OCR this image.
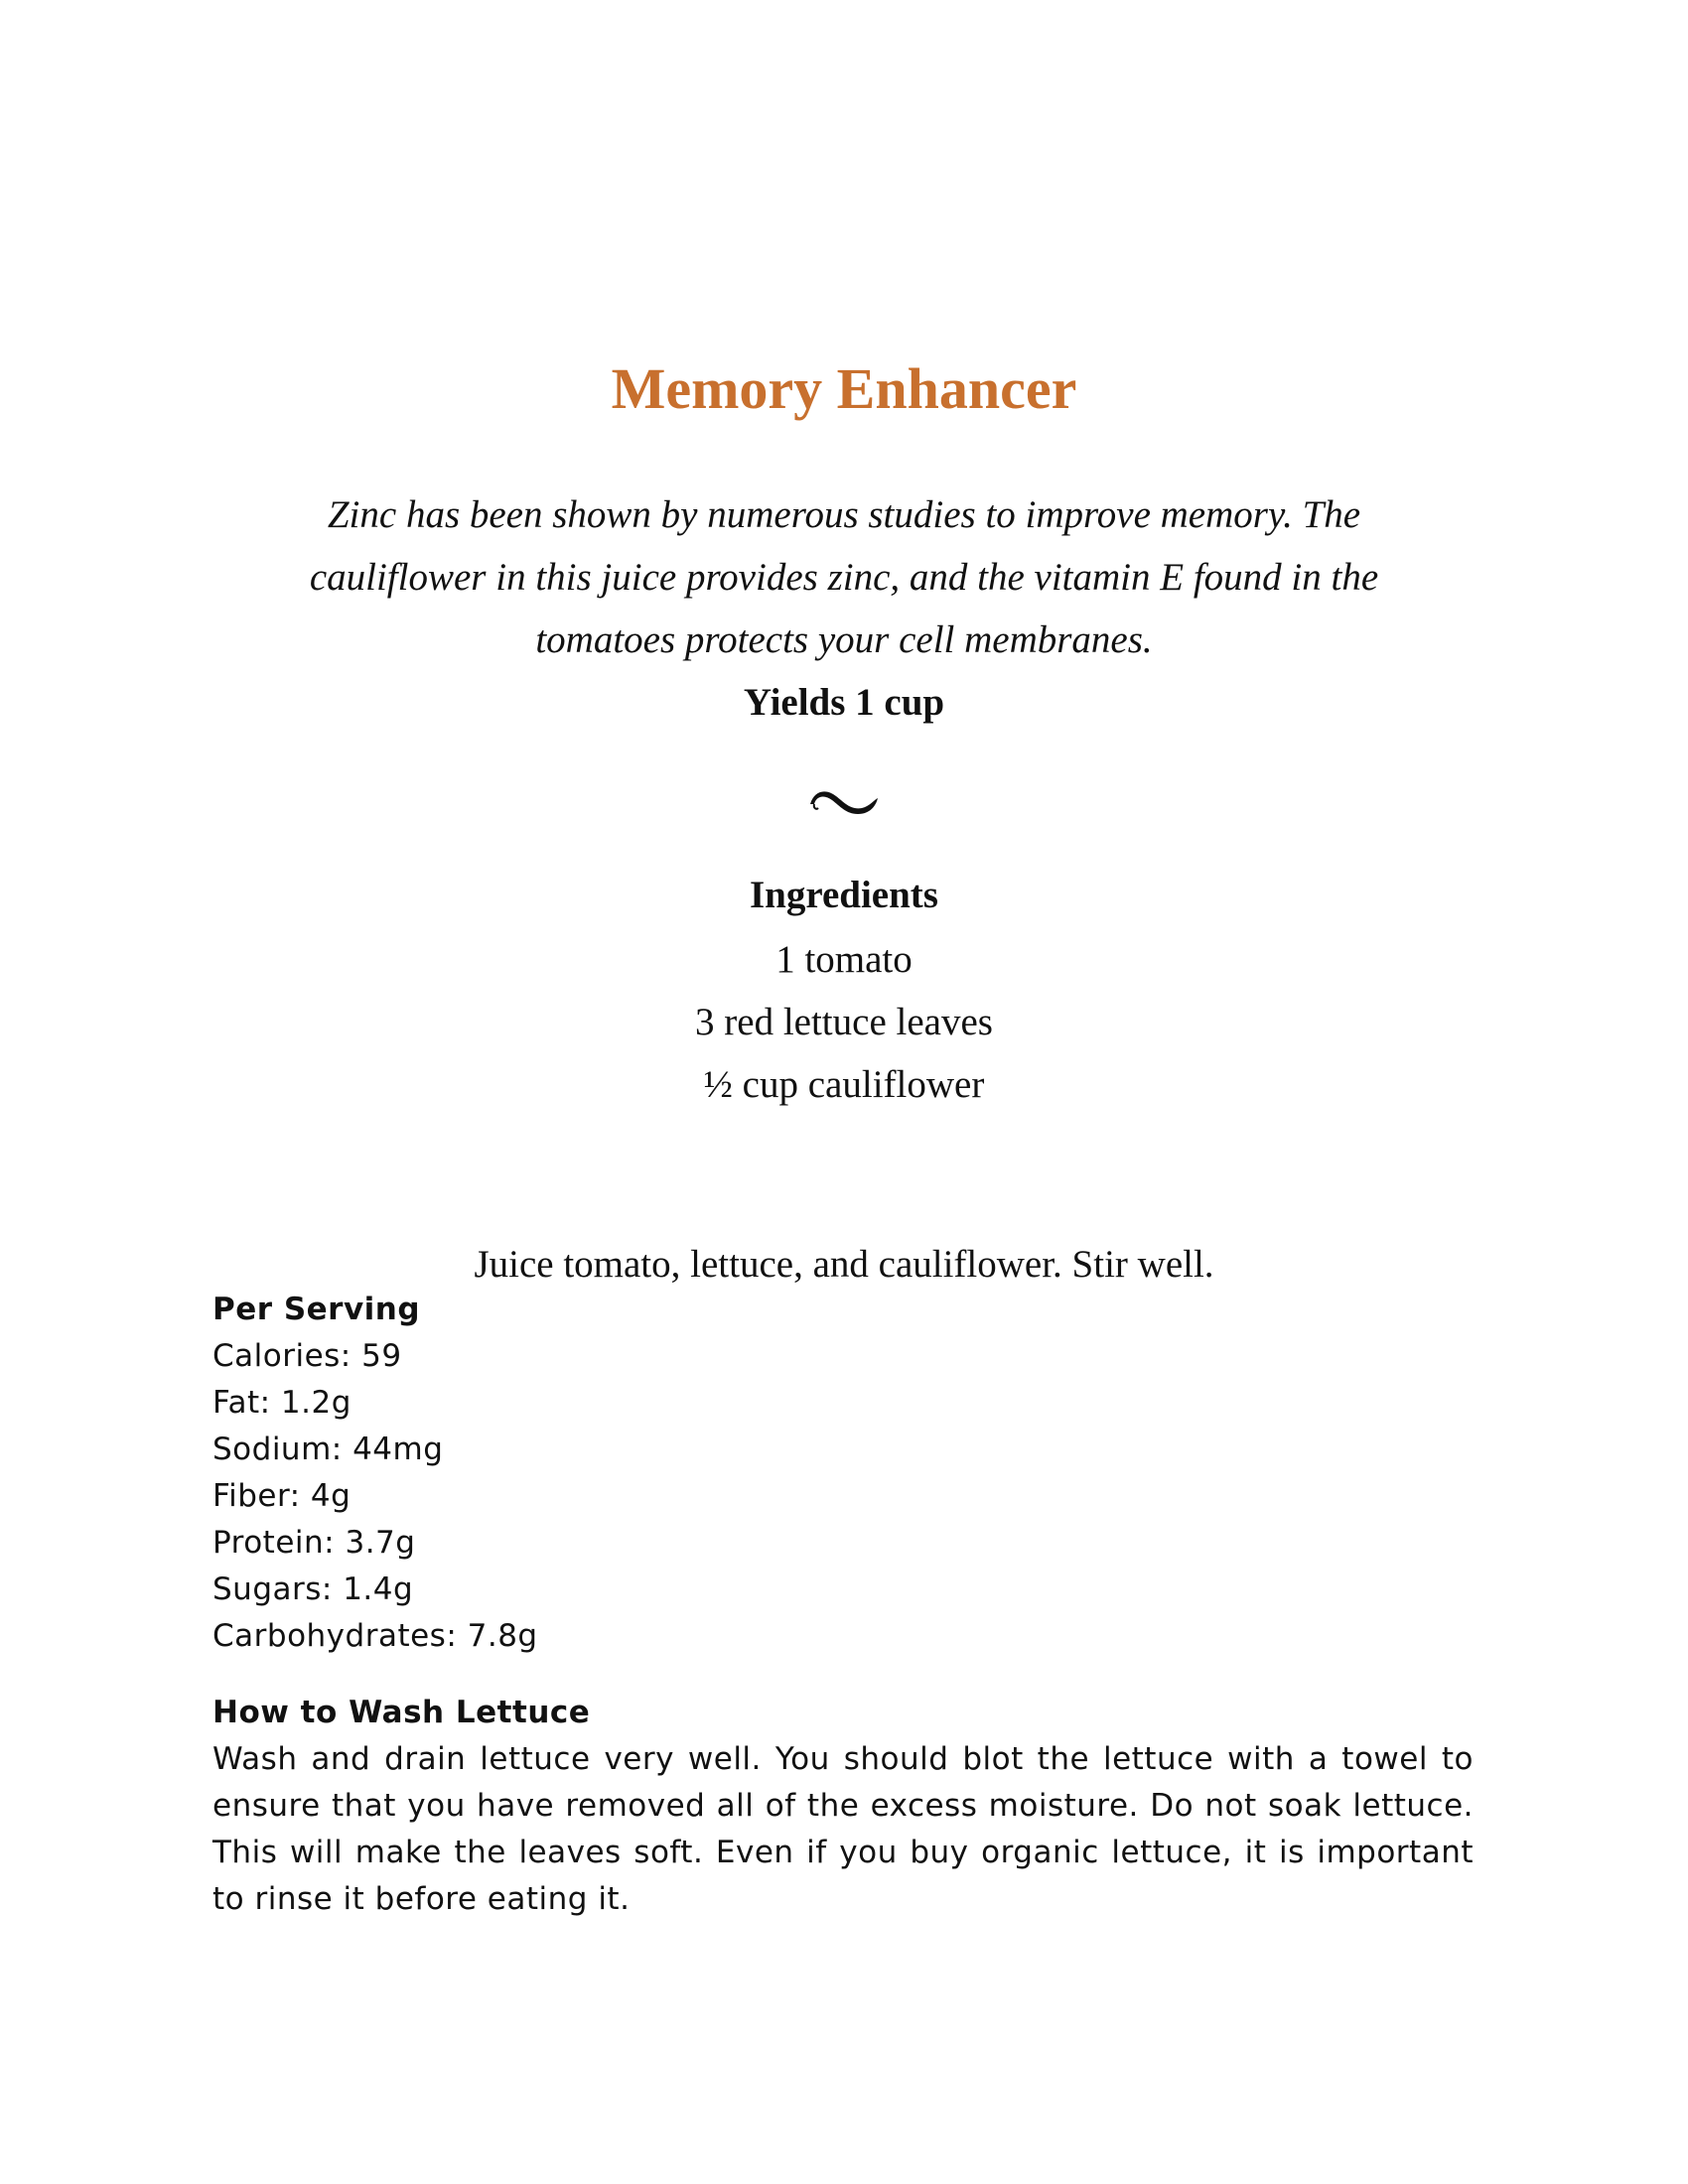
Memory Enhancer

Zinc has been shown by numerous studies to improve memory. The cauliflower in this juice provides zinc, and the vitamin E found in the tomatoes protects your cell membranes.

Yields 1 cup
Ingredients
1 tomato
3 red lettuce leaves
½ cup cauliflower

Juice tomato, lettuce, and cauliflower. Stir well.

Per Serving
Calories: 59
Fat: 1.2g
Sodium: 44mg
Fiber: 4g
Protein: 3.7g
Sugars: 1.4g
Carbohydrates: 7.8g
How to Wash Lettuce

Wash and drain lettuce very well. You should blot the lettuce with a towel to ensure that you have removed all of the excess moisture. Do not soak lettuce. This will make the leaves soft. Even if you buy organic lettuce, it is important to rinse it before eating it.
